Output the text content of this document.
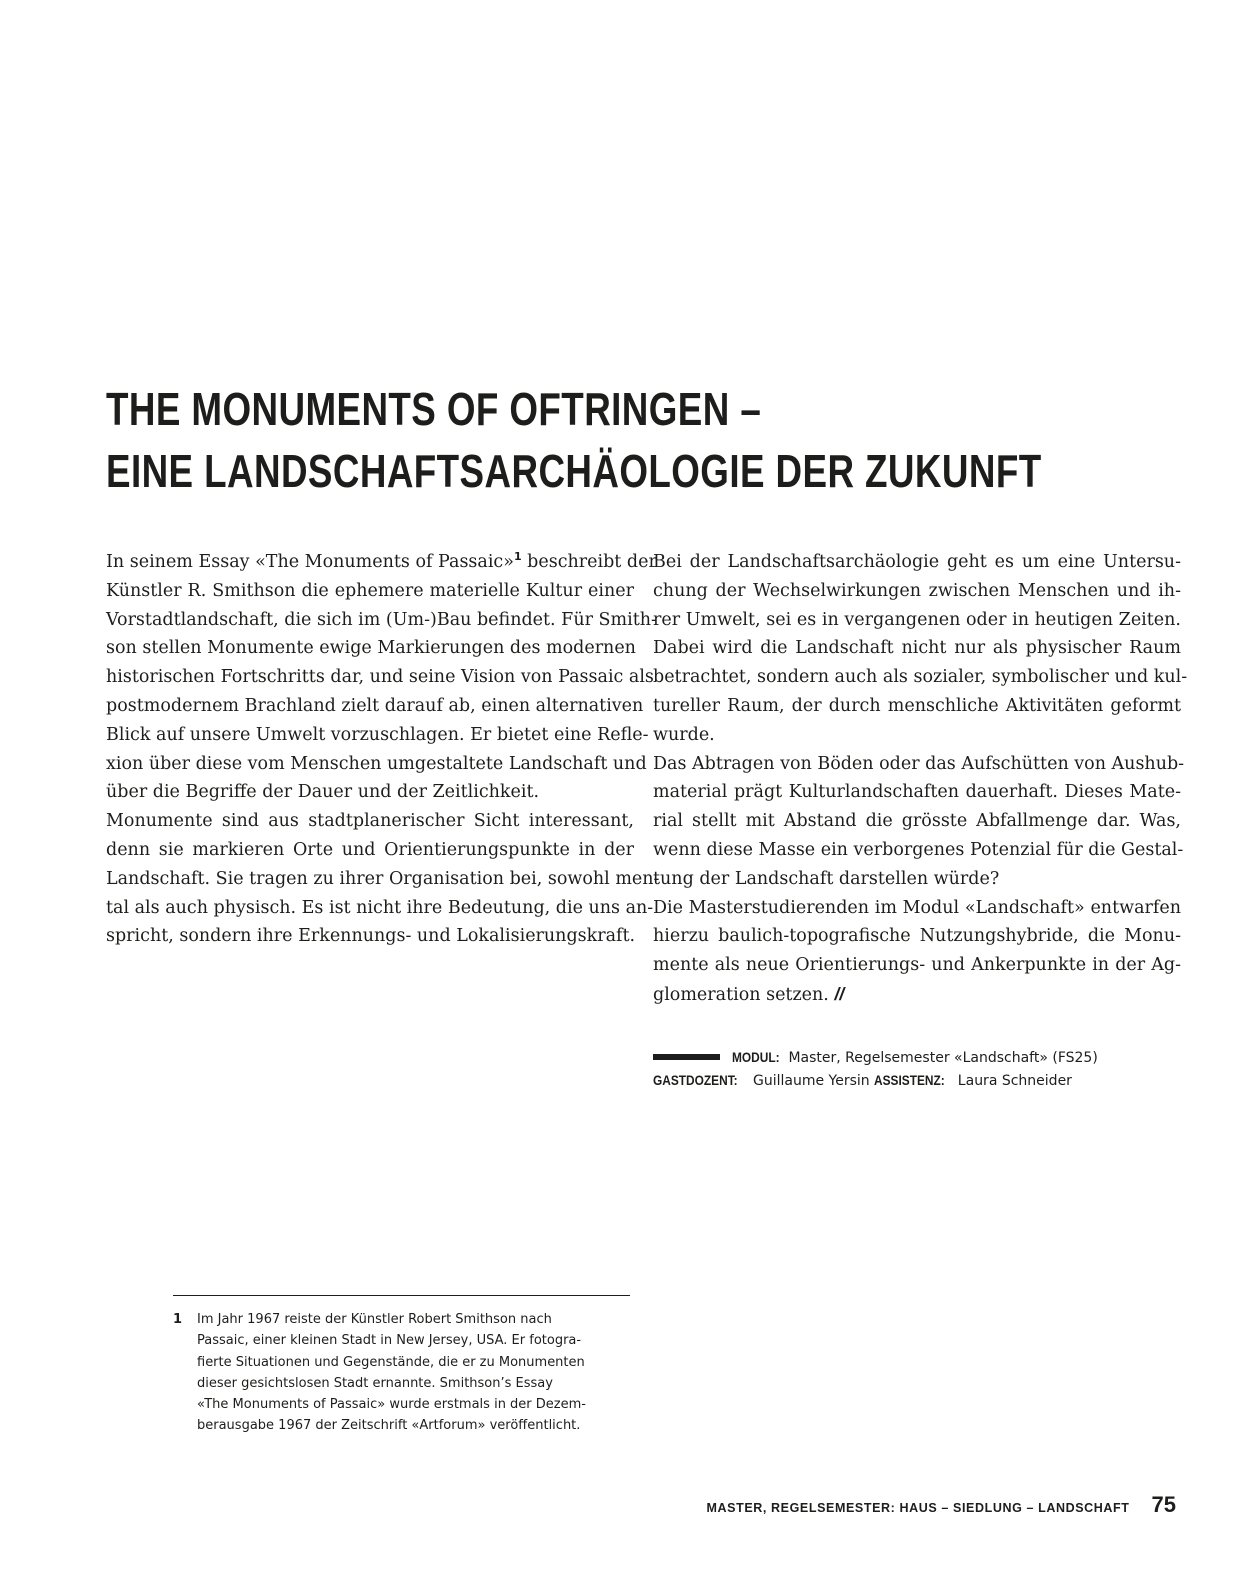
THE MONUMENTS OF OFTRINGEN –
EINE LANDSCHAFTSARCHÄOLOGIE DER ZUKUNFT
In seinem Essay «The Monuments of Passaic»$^1$ beschreibt der
Künstler R. Smithson die ephemere materielle Kultur einer
Vorstadtlandschaft, die sich im (Um-)Bau befindet. Für Smith-
son stellen Monumente ewige Markierungen des modernen
historischen Fortschritts dar, und seine Vision von Passaic als
postmodernem Brachland zielt darauf ab, einen alternativen
Blick auf unsere Umwelt vorzuschlagen. Er bietet eine Refle-
xion über diese vom Menschen umgestaltete Landschaft und
über die Begriffe der Dauer und der Zeitlichkeit.
Monumente sind aus stadtplanerischer Sicht interessant,
denn sie markieren Orte und Orientierungspunkte in der
Landschaft. Sie tragen zu ihrer Organisation bei, sowohl men-
tal als auch physisch. Es ist nicht ihre Bedeutung, die uns an-
spricht, sondern ihre Erkennungs- und Lokalisierungskraft.
Bei der Landschaftsarchäologie geht es um eine Untersu-
chung der Wechselwirkungen zwischen Menschen und ih-
rer Umwelt, sei es in vergangenen oder in heutigen Zeiten.
Dabei wird die Landschaft nicht nur als physischer Raum
betrachtet, sondern auch als sozialer, symbolischer und kul-
tureller Raum, der durch menschliche Aktivitäten geformt
wurde.
Das Abtragen von Böden oder das Aufschütten von Aushub-
material prägt Kulturlandschaften dauerhaft. Dieses Mate-
rial stellt mit Abstand die grösste Abfallmenge dar. Was,
wenn diese Masse ein verborgenes Potenzial für die Gestal-
tung der Landschaft darstellen würde?
Die Masterstudierenden im Modul «Landschaft» entwarfen
hierzu baulich-topografische Nutzungshybride, die Monu-
mente als neue Orientierungs- und Ankerpunkte in der Ag-
glomeration setzen. //
MODUL: Master, Regelsemester «Landschaft» (FS25)
GASTDOZENT: Guillaume Yersin ASSISTENZ: Laura Schneider
1 Im Jahr 1967 reiste der Künstler Robert Smithson nach
Passaic, einer kleinen Stadt in New Jersey, USA. Er fotogra-
fierte Situationen und Gegenstände, die er zu Monumenten
dieser gesichtslosen Stadt ernannte. Smithson’s Essay
«The Monuments of Passaic» wurde erstmals in der Dezem-
berausgabe 1967 der Zeitschrift «Artforum» veröffentlicht.
MASTER, REGELSEMESTER: HAUS – SIEDLUNG – LANDSCHAFT 75
